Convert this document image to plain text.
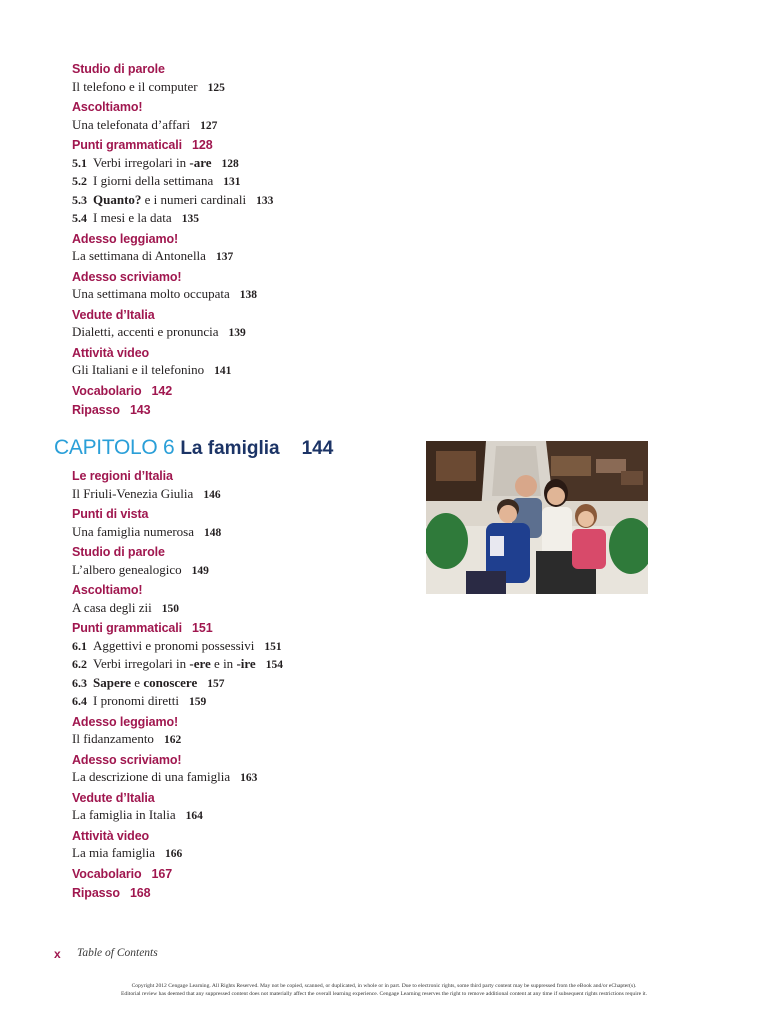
Studio di parole
Il telefono e il computer 125
Ascoltiamo!
Una telefonata d’affari 127
Punti grammaticali 128
5.1 Verbi irregolari in -are 128
5.2 I giorni della settimana 131
5.3 Quanto? e i numeri cardinali 133
5.4 I mesi e la data 135
Adesso leggiamo!
La settimana di Antonella 137
Adesso scriviamo!
Una settimana molto occupata 138
Vedute d’Italia
Dialetti, accenti e pronuncia 139
Attività video
Gli Italiani e il telefonino 141
Vocabolario 142
Ripasso 143
CAPITOLO 6 La famiglia 144
Le regioni d’Italia
Il Friuli-Venezia Giulia 146
Punti di vista
Una famiglia numerosa 148
Studio di parole
L’albero genealogico 149
Ascoltiamo!
A casa degli zii 150
Punti grammaticali 151
6.1 Aggettivi e pronomi possessivi 151
6.2 Verbi irregolari in -ere e in -ire 154
6.3 Sapere e conoscere 157
6.4 I pronomi diretti 159
Adesso leggiamo!
Il fidanzamento 162
Adesso scriviamo!
La descrizione di una famiglia 163
Vedute d’Italia
La famiglia in Italia 164
Attività video
La mia famiglia 166
Vocabolario 167
Ripasso 168
x Table of Contents
Copyright 2012 Cengage Learning. All Rights Reserved. May not be copied, scanned, or duplicated, in whole or in part. Due to electronic rights, some third party content may be suppressed from the eBook and/or eChapter(s).
Editorial review has deemed that any suppressed content does not materially affect the overall learning experience. Cengage Learning reserves the right to remove additional content at any time if subsequent rights restrictions require it.
